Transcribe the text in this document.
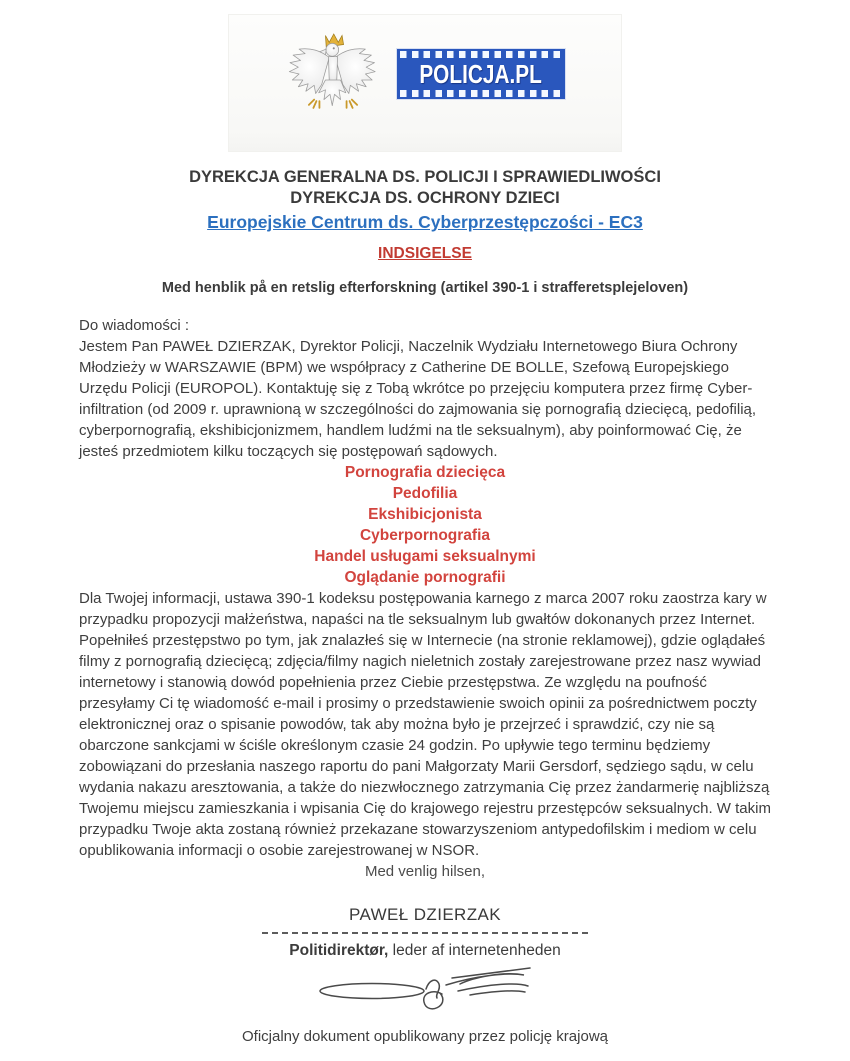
POLICJA.PL
DYREKCJA GENERALNA DS. POLICJI I SPRAWIEDLIWOŚCI
DYREKCJA DS. OCHRONY DZIECI
Europejskie Centrum ds. Cyberprzestępczości - EC3
INDSIGELSE
Med henblik på en retslig efterforskning (artikel 390-1 i strafferetsplejeloven)

Do wiadomości :

Jestem Pan PAWEŁ DZIERZAK, Dyrektor Policji, Naczelnik Wydziału Internetowego Biura Ochrony Młodzieży w WARSZAWIE (BPM) we współpracy z Catherine DE BOLLE, Szefową Europejskiego Urzędu Policji (EUROPOL). Kontaktuję się z Tobą wkrótce po przejęciu komputera przez firmę Cyber-infiltration (od 2009 r. uprawnioną w szczególności do zajmowania się pornografią dziecięcą, pedofilią, cyberpornografią, ekshibicjonizmem, handlem ludźmi na tle seksualnym), aby poinformować Cię, że jesteś przedmiotem kilku toczących się postępowań sądowych.

Pornografia dziecięca
Pedofilia
Ekshibicjonista
Cyberpornografia
Handel usługami seksualnymi
Oglądanie pornografii

Dla Twojej informacji, ustawa 390-1 kodeksu postępowania karnego z marca 2007 roku zaostrza kary w przypadku propozycji małżeństwa, napaści na tle seksualnym lub gwałtów dokonanych przez Internet. Popełniłeś przestępstwo po tym, jak znalazłeś się w Internecie (na stronie reklamowej), gdzie oglądałeś filmy z pornografią dziecięcą; zdjęcia/filmy nagich nieletnich zostały zarejestrowane przez nasz wywiad internetowy i stanowią dowód popełnienia przez Ciebie przestępstwa. Ze względu na poufność przesyłamy Ci tę wiadomość e-mail i prosimy o przedstawienie swoich opinii za pośrednictwem poczty elektronicznej oraz o spisanie powodów, tak aby można było je przejrzeć i sprawdzić, czy nie są obarczone sankcjami w ściśle określonym czasie 24 godzin. Po upływie tego terminu będziemy zobowiązani do przesłania naszego raportu do pani Małgorzaty Marii Gersdorf, sędziego sądu, w celu wydania nakazu aresztowania, a także do niezwłocznego zatrzymania Cię przez żandarmerię najbliższą Twojemu miejscu zamieszkania i wpisania Cię do krajowego rejestru przestępców seksualnych. W takim przypadku Twoje akta zostaną również przekazane stowarzyszeniom antypedofilskim i mediom w celu opublikowania informacji o osobie zarejestrowanej w NSOR.

Med venlig hilsen,

PAWEŁ DZIERZAK
Politidirektør, leder af internetenheden
Oficjalny dokument opublikowany przez policję krajową
